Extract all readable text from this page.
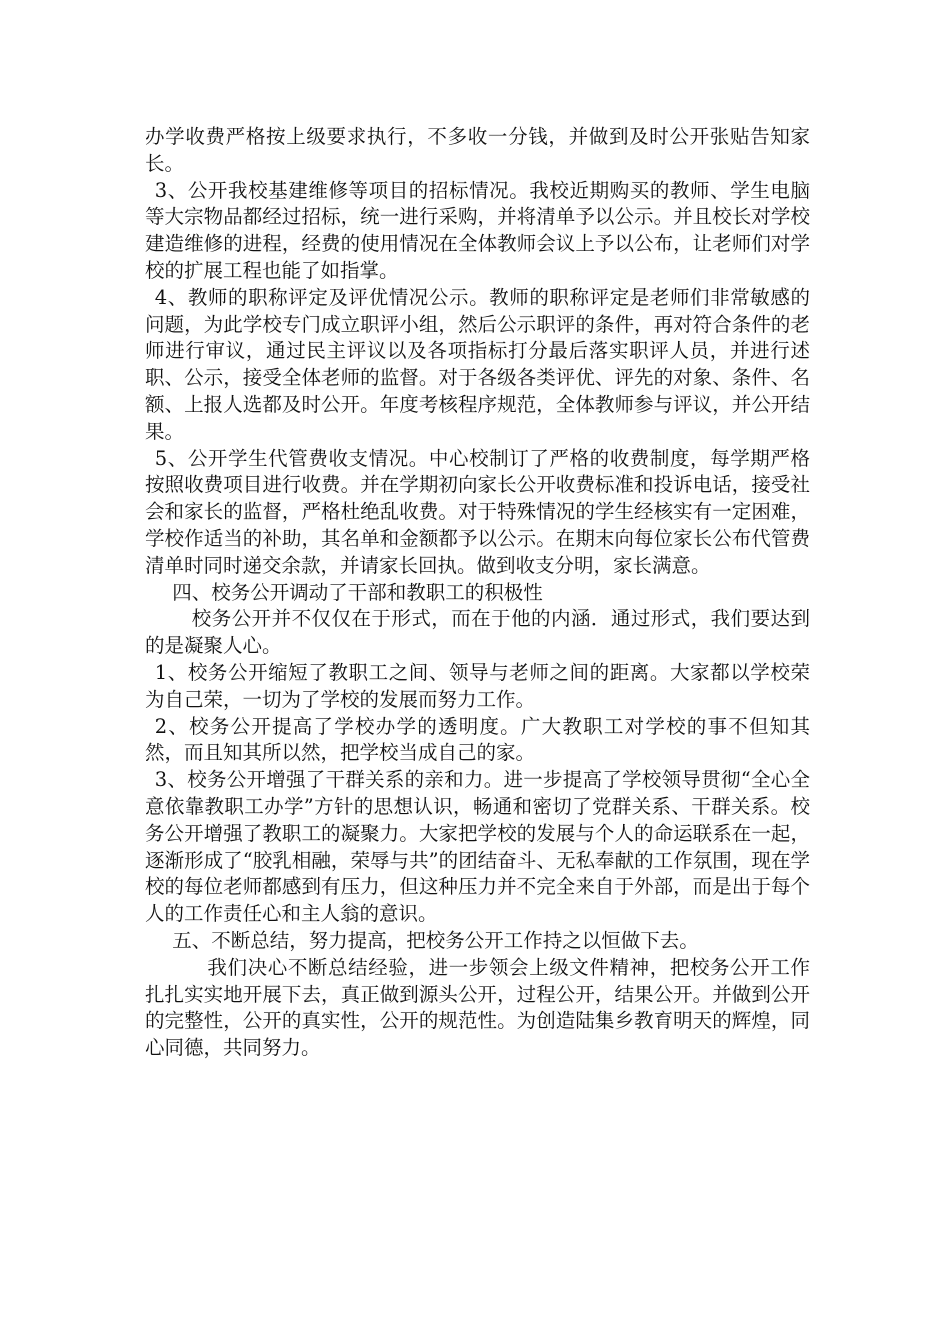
办学收费严格按上级要求执行，不多收一分钱，并做到及时公开张贴告知家长。

3、公开我校基建维修等项目的招标情况。我校近期购买的教师、学生电脑等大宗物品都经过招标，统一进行采购，并将清单予以公示。并且校长对学校建造维修的进程，经费的使用情况在全体教师会议上予以公布，让老师们对学校的扩展工程也能了如指掌。

4、教师的职称评定及评优情况公示。教师的职称评定是老师们非常敏感的问题，为此学校专门成立职评小组，然后公示职评的条件，再对符合条件的老师进行审议，通过民主评议以及各项指标打分最后落实职评人员，并进行述职、公示，接受全体老师的监督。对于各级各类评优、评先的对象、条件、名额、上报人选都及时公开。年度考核程序规范，全体教师参与评议，并公开结果。

5、公开学生代管费收支情况。中心校制订了严格的收费制度，每学期严格按照收费项目进行收费。并在学期初向家长公开收费标准和投诉电话，接受社会和家长的监督，严格杜绝乱收费。对于特殊情况的学生经核实有一定困难，学校作适当的补助，其名单和金额都予以公示。在期末向每位家长公布代管费清单时同时递交余款，并请家长回执。做到收支分明，家长满意。

四、校务公开调动了干部和教职工的积极性

校务公开并不仅仅在于形式，而在于他的内涵．通过形式，我们要达到的是凝聚人心。

1、校务公开缩短了教职工之间、领导与老师之间的距离。大家都以学校荣为自己荣，一切为了学校的发展而努力工作。

2、校务公开提高了学校办学的透明度。广大教职工对学校的事不但知其然，而且知其所以然，把学校当成自己的家。

3、校务公开增强了干群关系的亲和力。进一步提高了学校领导贯彻“全心全意依靠教职工办学”方针的思想认识，畅通和密切了党群关系、干群关系。校务公开增强了教职工的凝聚力。大家把学校的发展与个人的命运联系在一起，逐渐形成了“胶乳相融，荣辱与共”的团结奋斗、无私奉献的工作氛围，现在学校的每位老师都感到有压力，但这种压力并不完全来自于外部，而是出于每个人的工作责任心和主人翁的意识。

五、不断总结，努力提高，把校务公开工作持之以恒做下去。

我们决心不断总结经验，进一步领会上级文件精神，把校务公开工作扎扎实实地开展下去，真正做到源头公开，过程公开，结果公开。并做到公开的完整性，公开的真实性，公开的规范性。为创造陆集乡教育明天的辉煌，同心同德，共同努力。
